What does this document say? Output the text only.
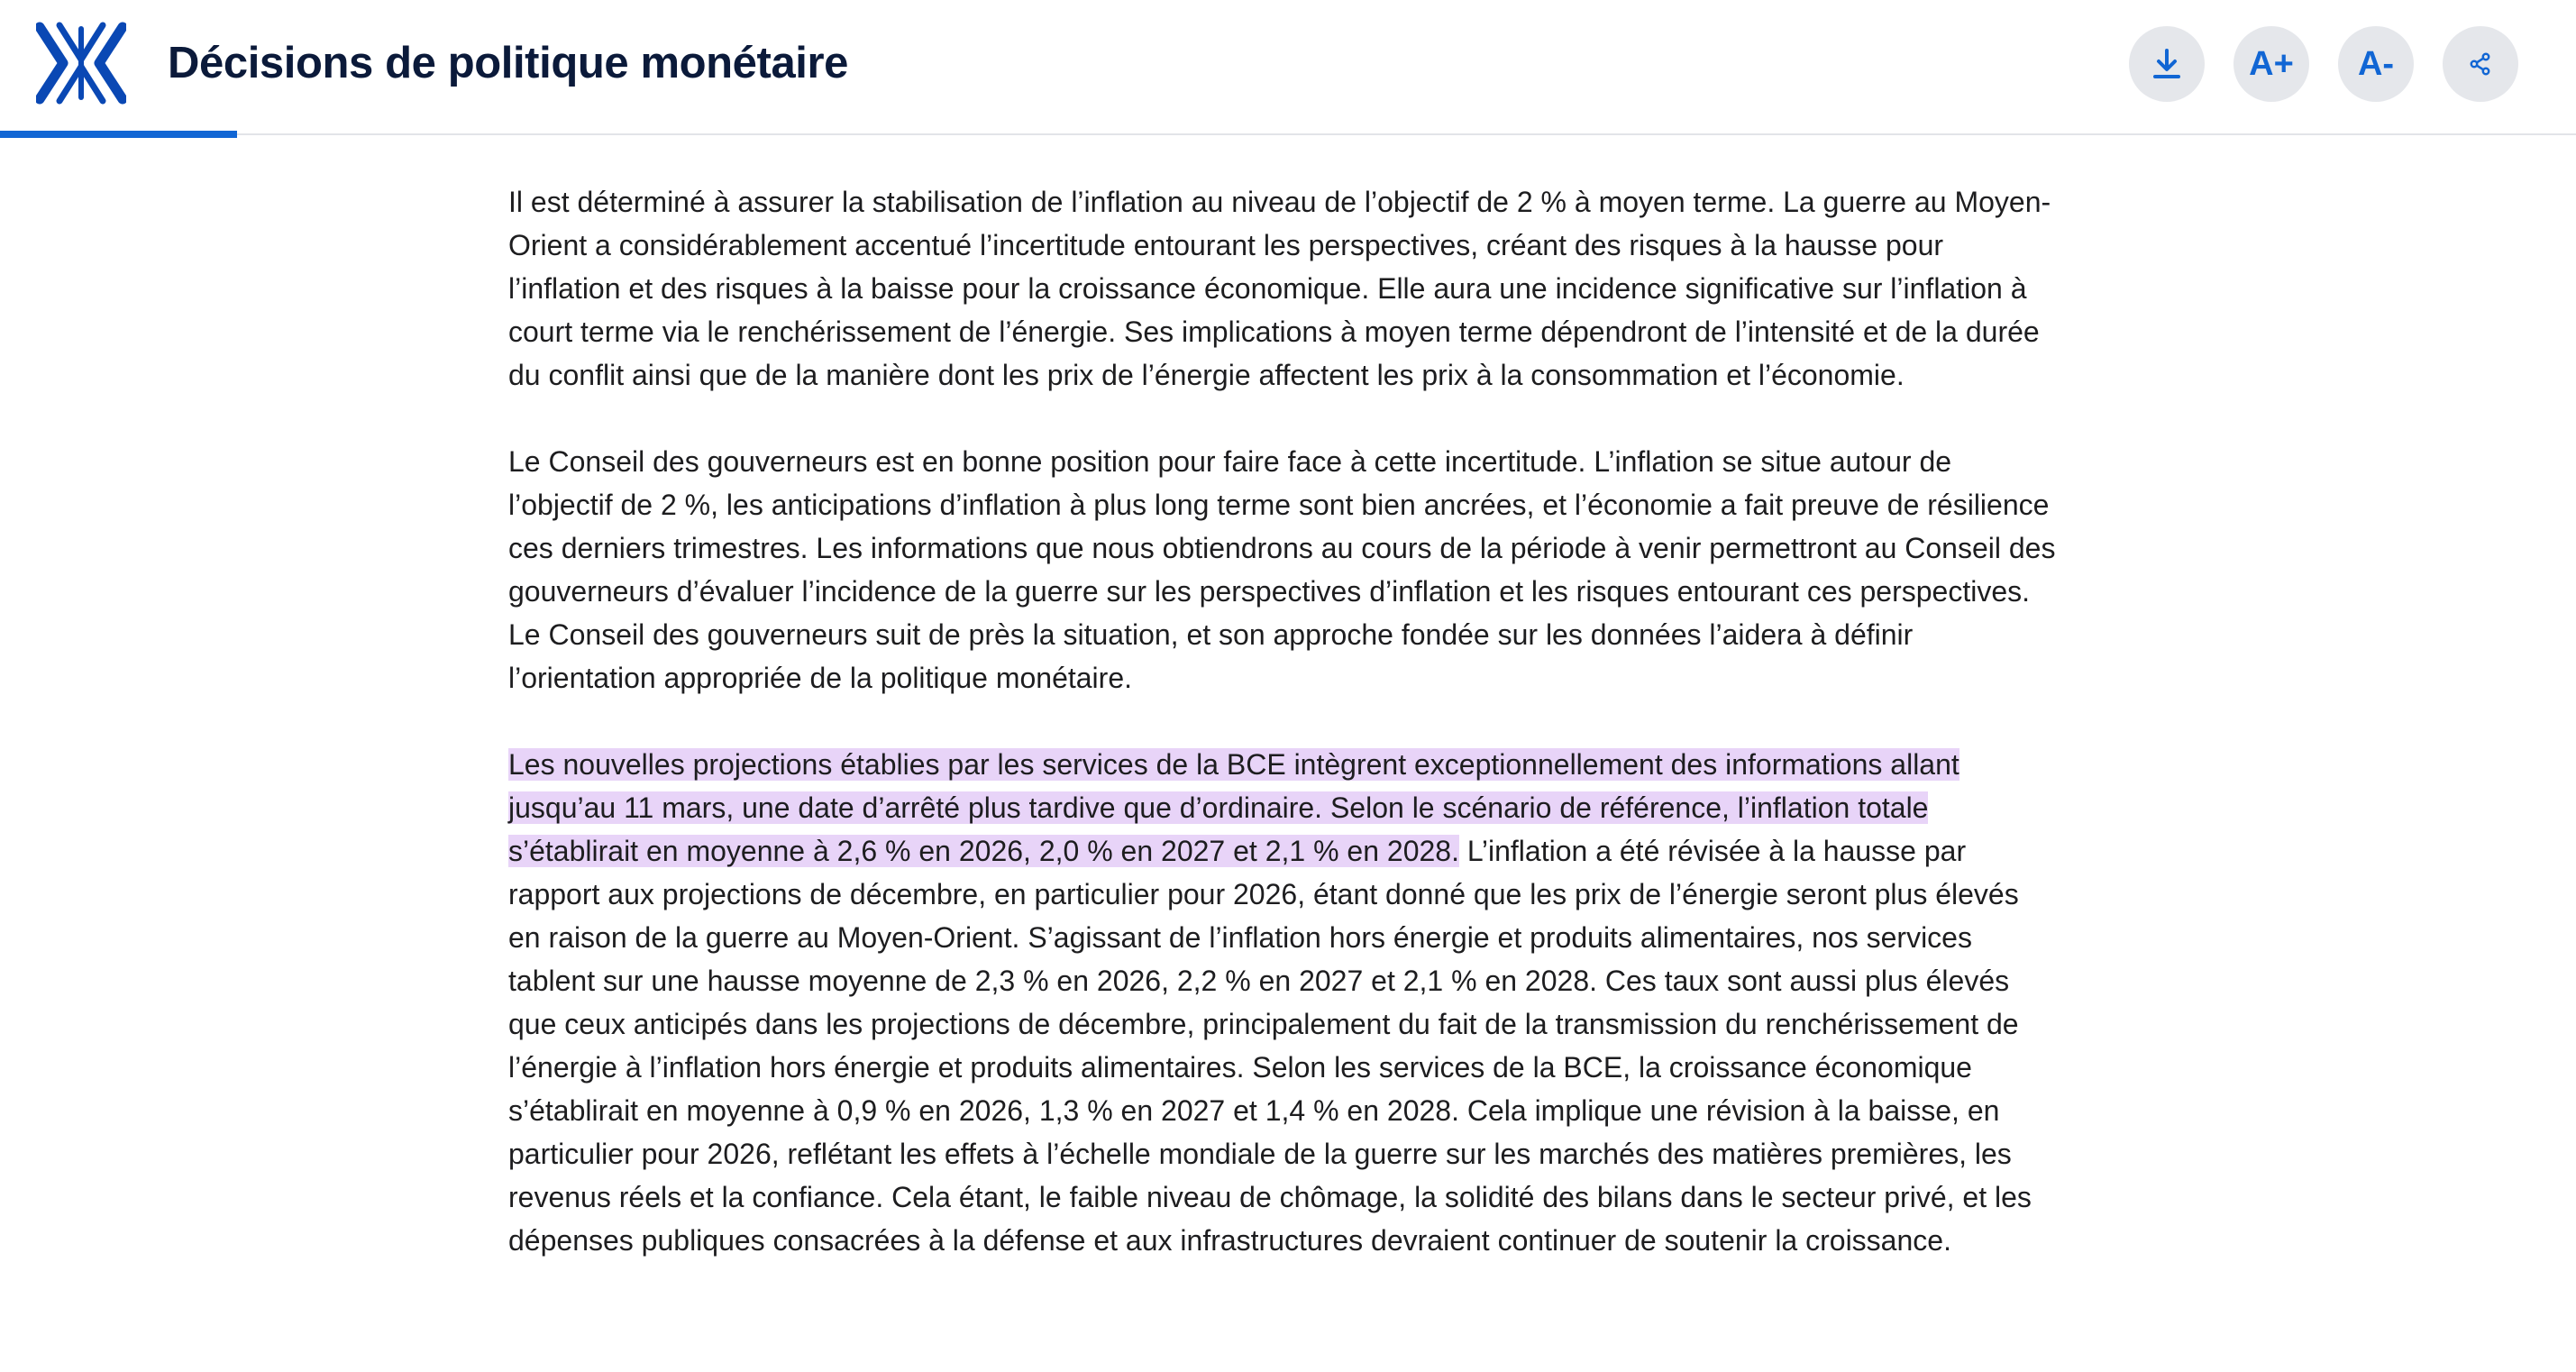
Décisions de politique monétaire	A+	A-

Il est déterminé à assurer la stabilisation de l’inflation au niveau de l’objectif de 2 % à moyen terme. La guerre au Moyen-Orient a considérablement accentué l’incertitude entourant les perspectives, créant des risques à la hausse pour l’inflation et des risques à la baisse pour la croissance économique. Elle aura une incidence significative sur l’inflation à court terme via le renchérissement de l’énergie. Ses implications à moyen terme dépendront de l’intensité et de la durée du conflit ainsi que de la manière dont les prix de l’énergie affectent les prix à la consommation et l’économie.

Le Conseil des gouverneurs est en bonne position pour faire face à cette incertitude. L’inflation se situe autour de l’objectif de 2 %, les anticipations d’inflation à plus long terme sont bien ancrées, et l’économie a fait preuve de résilience ces derniers trimestres. Les informations que nous obtiendrons au cours de la période à venir permettront au Conseil des gouverneurs d’évaluer l’incidence de la guerre sur les perspectives d’inflation et les risques entourant ces perspectives. Le Conseil des gouverneurs suit de près la situation, et son approche fondée sur les données l’aidera à définir l’orientation appropriée de la politique monétaire.

Les nouvelles projections établies par les services de la BCE intègrent exceptionnellement des informations allant jusqu’au 11 mars, une date d’arrêté plus tardive que d’ordinaire. Selon le scénario de référence, l’inflation totale s’établirait en moyenne à 2,6 % en 2026, 2,0 % en 2027 et 2,1 % en 2028. L’inflation a été révisée à la hausse par rapport aux projections de décembre, en particulier pour 2026, étant donné que les prix de l’énergie seront plus élevés en raison de la guerre au Moyen-Orient. S’agissant de l’inflation hors énergie et produits alimentaires, nos services tablent sur une hausse moyenne de 2,3 % en 2026, 2,2 % en 2027 et 2,1 % en 2028. Ces taux sont aussi plus élevés que ceux anticipés dans les projections de décembre, principalement du fait de la transmission du renchérissement de l’énergie à l’inflation hors énergie et produits alimentaires. Selon les services de la BCE, la croissance économique s’établirait en moyenne à 0,9 % en 2026, 1,3 % en 2027 et 1,4 % en 2028. Cela implique une révision à la baisse, en particulier pour 2026, reflétant les effets à l’échelle mondiale de la guerre sur les marchés des matières premières, les revenus réels et la confiance. Cela étant, le faible niveau de chômage, la solidité des bilans dans le secteur privé, et les dépenses publiques consacrées à la défense et aux infrastructures devraient continuer de soutenir la croissance.
